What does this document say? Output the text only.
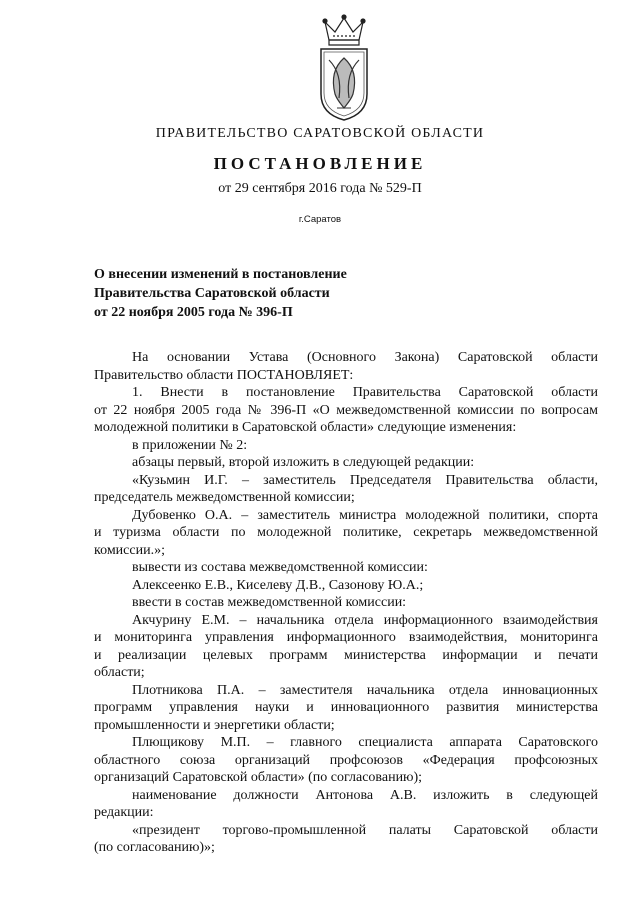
ПРАВИТЕЛЬСТВО САРАТОВСКОЙ ОБЛАСТИ
ПОСТАНОВЛЕНИЕ
от 29 сентября 2016 года № 529-П
г.Саратов
О внесении изменений в постановление
Правительства Саратовской области
от 22 ноября 2005 года № 396-П
На основании Устава (Основного Закона) Саратовской области
Правительство области ПОСТАНОВЛЯЕТ:
1. Внести в постановление Правительства Саратовской области
от 22 ноября 2005 года № 396-П «О межведомственной комиссии по вопросам
молодежной политики в Саратовской области» следующие изменения:
в приложении № 2:
абзацы первый, второй изложить в следующей редакции:
«Кузьмин И.Г. – заместитель Председателя Правительства области,
председатель межведомственной комиссии;
Дубовенко О.А. – заместитель министра молодежной политики, спорта
и туризма области по молодежной политике, секретарь межведомственной
комиссии.»;
вывести из состава межведомственной комиссии:
Алексеенко Е.В., Киселеву Д.В., Сазонову Ю.А.;
ввести в состав межведомственной комиссии:
Акчурину Е.М. – начальника отдела информационного взаимодействия
и мониторинга управления информационного взаимодействия, мониторинга
и реализации целевых программ министерства информации и печати
области;
Плотникова П.А. – заместителя начальника отдела инновационных
программ управления науки и инновационного развития министерства
промышленности и энергетики области;
Плющикову М.П. – главного специалиста аппарата Саратовского
областного союза организаций профсоюзов «Федерация профсоюзных
организаций Саратовской области» (по согласованию);
наименование должности Антонова А.В. изложить в следующей
редакции:
«президент торгово-промышленной палаты Саратовской области
(по согласованию)»;
